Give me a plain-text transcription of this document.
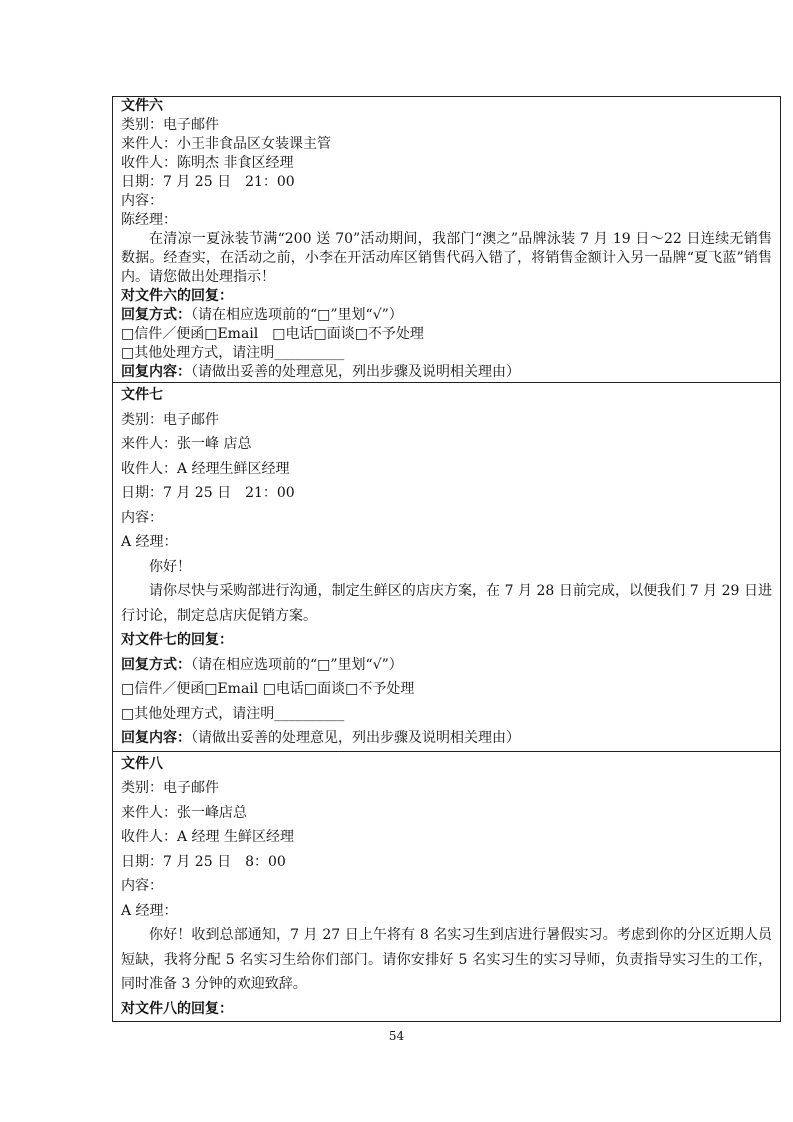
文件六
类别：电子邮件
来件人：小王非食品区女装课主管
收件人：陈明杰 非食区经理
日期：7 月 25 日　21：00
内容：
陈经理：
在清凉一夏泳装节满“200 送 70”活动期间，我部门“澳之”品牌泳装 7 月 19 日～22 日连续无销售数据。经查实，在活动之前，小李在开活动库区销售代码入错了，将销售金额计入另一品牌“夏飞蓝”销售内。请您做出处理指示！
对文件六的回复：
回复方式：（请在相应选项前的“□”里划“√”）
□信件／便函□Email　□电话□面谈□不予处理
□其他处理方式，请注明__________
回复内容：（请做出妥善的处理意见，列出步骤及说明相关理由）
文件七
类别：电子邮件
来件人：张一峰 店总
收件人：A 经理生鲜区经理
日期：7 月 25 日　21：00
内容：
A 经理：
你好！
请你尽快与采购部进行沟通，制定生鲜区的店庆方案，在 7 月 28 日前完成，以便我们 7 月 29 日进行讨论，制定总店庆促销方案。
对文件七的回复：
回复方式：（请在相应选项前的“□”里划“√”）
□信件／便函□Email □电话□面谈□不予处理
□其他处理方式，请注明__________
回复内容：（请做出妥善的处理意见，列出步骤及说明相关理由）
文件八
类别：电子邮件
来件人：张一峰店总
收件人：A 经理 生鲜区经理
日期：7 月 25 日　8：00
内容：
A 经理：
你好！收到总部通知，7 月 27 日上午将有 8 名实习生到店进行暑假实习。考虑到你的分区近期人员短缺，我将分配 5 名实习生给你们部门。请你安排好 5 名实习生的实习导师，负责指导实习生的工作，同时准备 3 分钟的欢迎致辞。
对文件八的回复：
54
